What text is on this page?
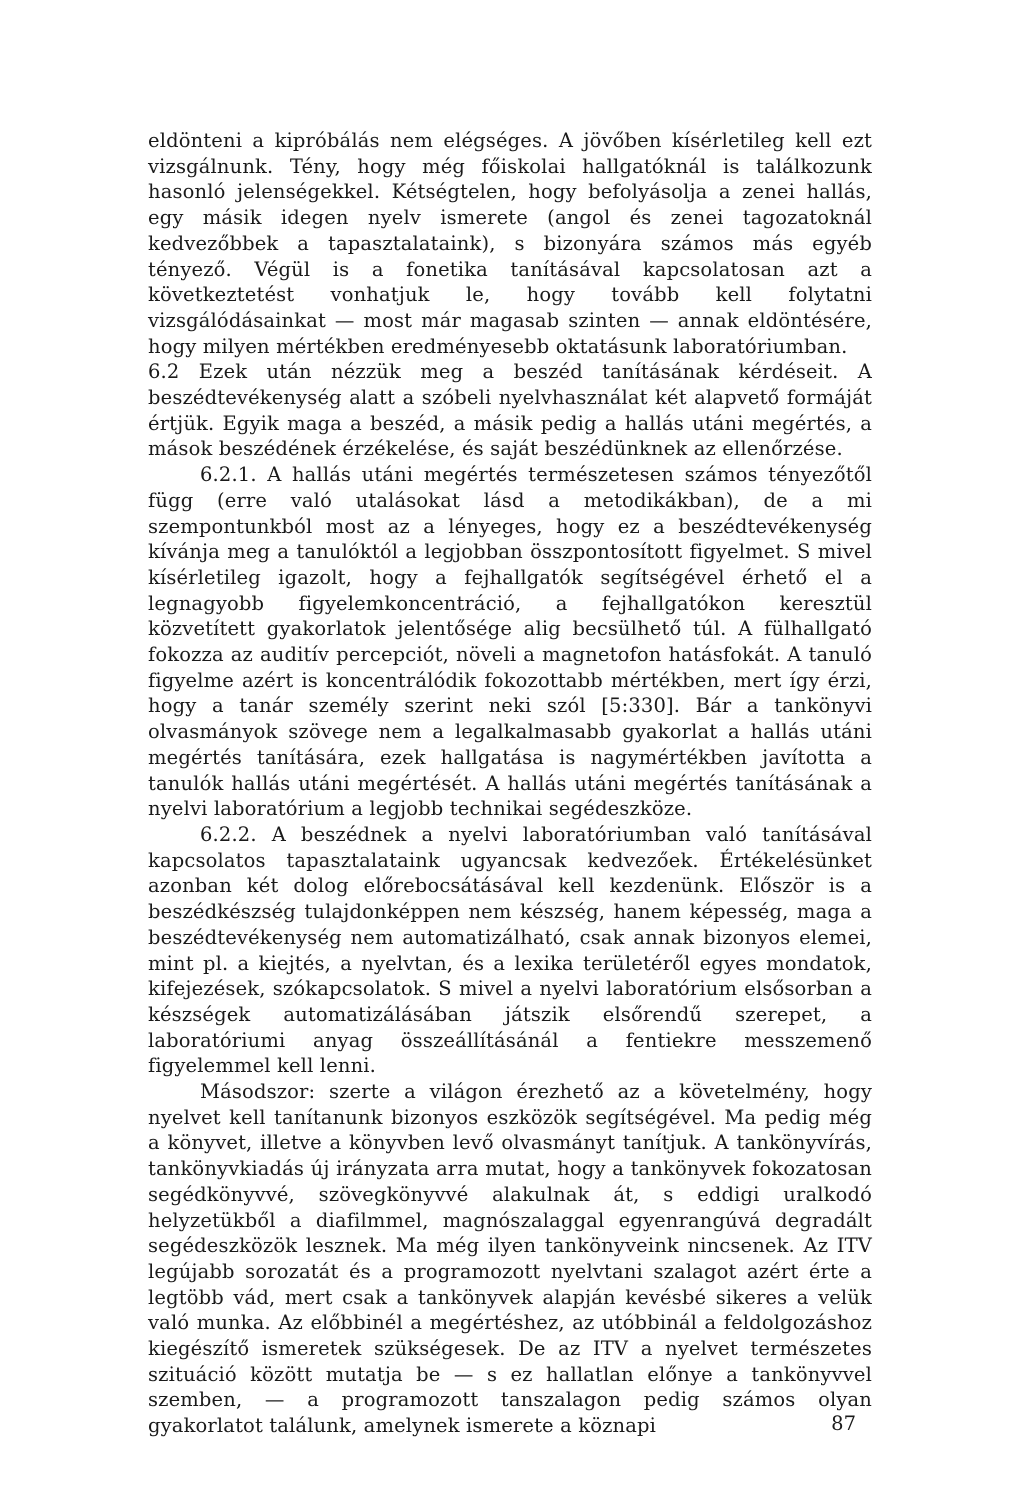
eldönteni a kipróbálás nem elégséges. A jövőben kísérletileg kell ezt vizsgálnunk. Tény, hogy még főiskolai hallgatóknál is találkozunk hasonló jelenségekkel. Kétségtelen, hogy befolyásolja a zenei hallás, egy másik idegen nyelv ismerete (angol és zenei tagozatoknál kedvezőbbek a tapasztalataink), s bizonyára számos más egyéb tényező. Végül is a fonetika tanításával kapcsolatosan azt a következtetést vonhatjuk le, hogy tovább kell folytatni vizsgálódásainkat — most már magasab szinten — annak eldöntésére, hogy milyen mértékben eredményesebb oktatásunk laboratóriumban.

6.2 Ezek után nézzük meg a beszéd tanításának kérdéseit. A beszédtevékenység alatt a szóbeli nyelvhasználat két alapvető formáját értjük. Egyik maga a beszéd, a másik pedig a hallás utáni megértés, a mások beszédének érzékelése, és saját beszédünknek az ellenőrzése.

6.2.1. A hallás utáni megértés természetesen számos tényezőtől függ (erre való utalásokat lásd a metodikákban), de a mi szempontunkból most az a lényeges, hogy ez a beszédtevékenység kívánja meg a tanulóktól a legjobban összpontosított figyelmet. S mivel kísérletileg igazolt, hogy a fejhallgatók segítségével érhető el a legnagyobb figyelemkoncentráció, a fejhallgatókon keresztül közvetített gyakorlatok jelentősége alig becsülhető túl. A fülhallgató fokozza az auditív percepciót, növeli a magnetofon hatásfokát. A tanuló figyelme azért is koncentrálódik fokozottabb mértékben, mert így érzi, hogy a tanár személy szerint neki szól [5:330]. Bár a tankönyvi olvasmányok szövege nem a legalkalmasabb gyakorlat a hallás utáni megértés tanítására, ezek hallgatása is nagymértékben javította a tanulók hallás utáni megértését. A hallás utáni megértés tanításának a nyelvi laboratórium a legjobb technikai segédeszköze.

6.2.2. A beszédnek a nyelvi laboratóriumban való tanításával kapcsolatos tapasztalataink ugyancsak kedvezőek. Értékelésünket azonban két dolog előrebocsátásával kell kezdenünk. Először is a beszédkészség tulajdonképpen nem készség, hanem képesség, maga a beszédtevékenység nem automatizálható, csak annak bizonyos elemei, mint pl. a kiejtés, a nyelvtan, és a lexika területéről egyes mondatok, kifejezések, szókapcsolatok. S mivel a nyelvi laboratórium elsősorban a készségek automatizálásában játszik elsőrendű szerepet, a laboratóriumi anyag összeállításánál a fentiekre messzemenő figyelemmel kell lenni.

Másodszor: szerte a világon érezhető az a követelmény, hogy nyelvet kell tanítanunk bizonyos eszközök segítségével. Ma pedig még a könyvet, illetve a könyvben levő olvasmányt tanítjuk. A tankönyvírás, tankönyvkiadás új irányzata arra mutat, hogy a tankönyvek fokozatosan segédkönyvvé, szövegkönyvvé alakulnak át, s eddigi uralkodó helyzetükből a diafilmmel, magnószalaggal egyenrangúvá degradált segédeszközök lesznek. Ma még ilyen tankönyveink nincsenek. Az ITV legújabb sorozatát és a programozott nyelvtani szalagot azért érte a legtöbb vád, mert csak a tankönyvek alapján kevésbé sikeres a velük való munka. Az előbbinél a megértéshez, az utóbbinál a feldolgozáshoz kiegészítő ismeretek szükségesek. De az ITV a nyelvet természetes szituáció között mutatja be — s ez hallatlan előnye a tankönyvvel szemben, — a programozott tanszalagon pedig számos olyan gyakorlatot találunk, amelynek ismerete a köznapi	87
